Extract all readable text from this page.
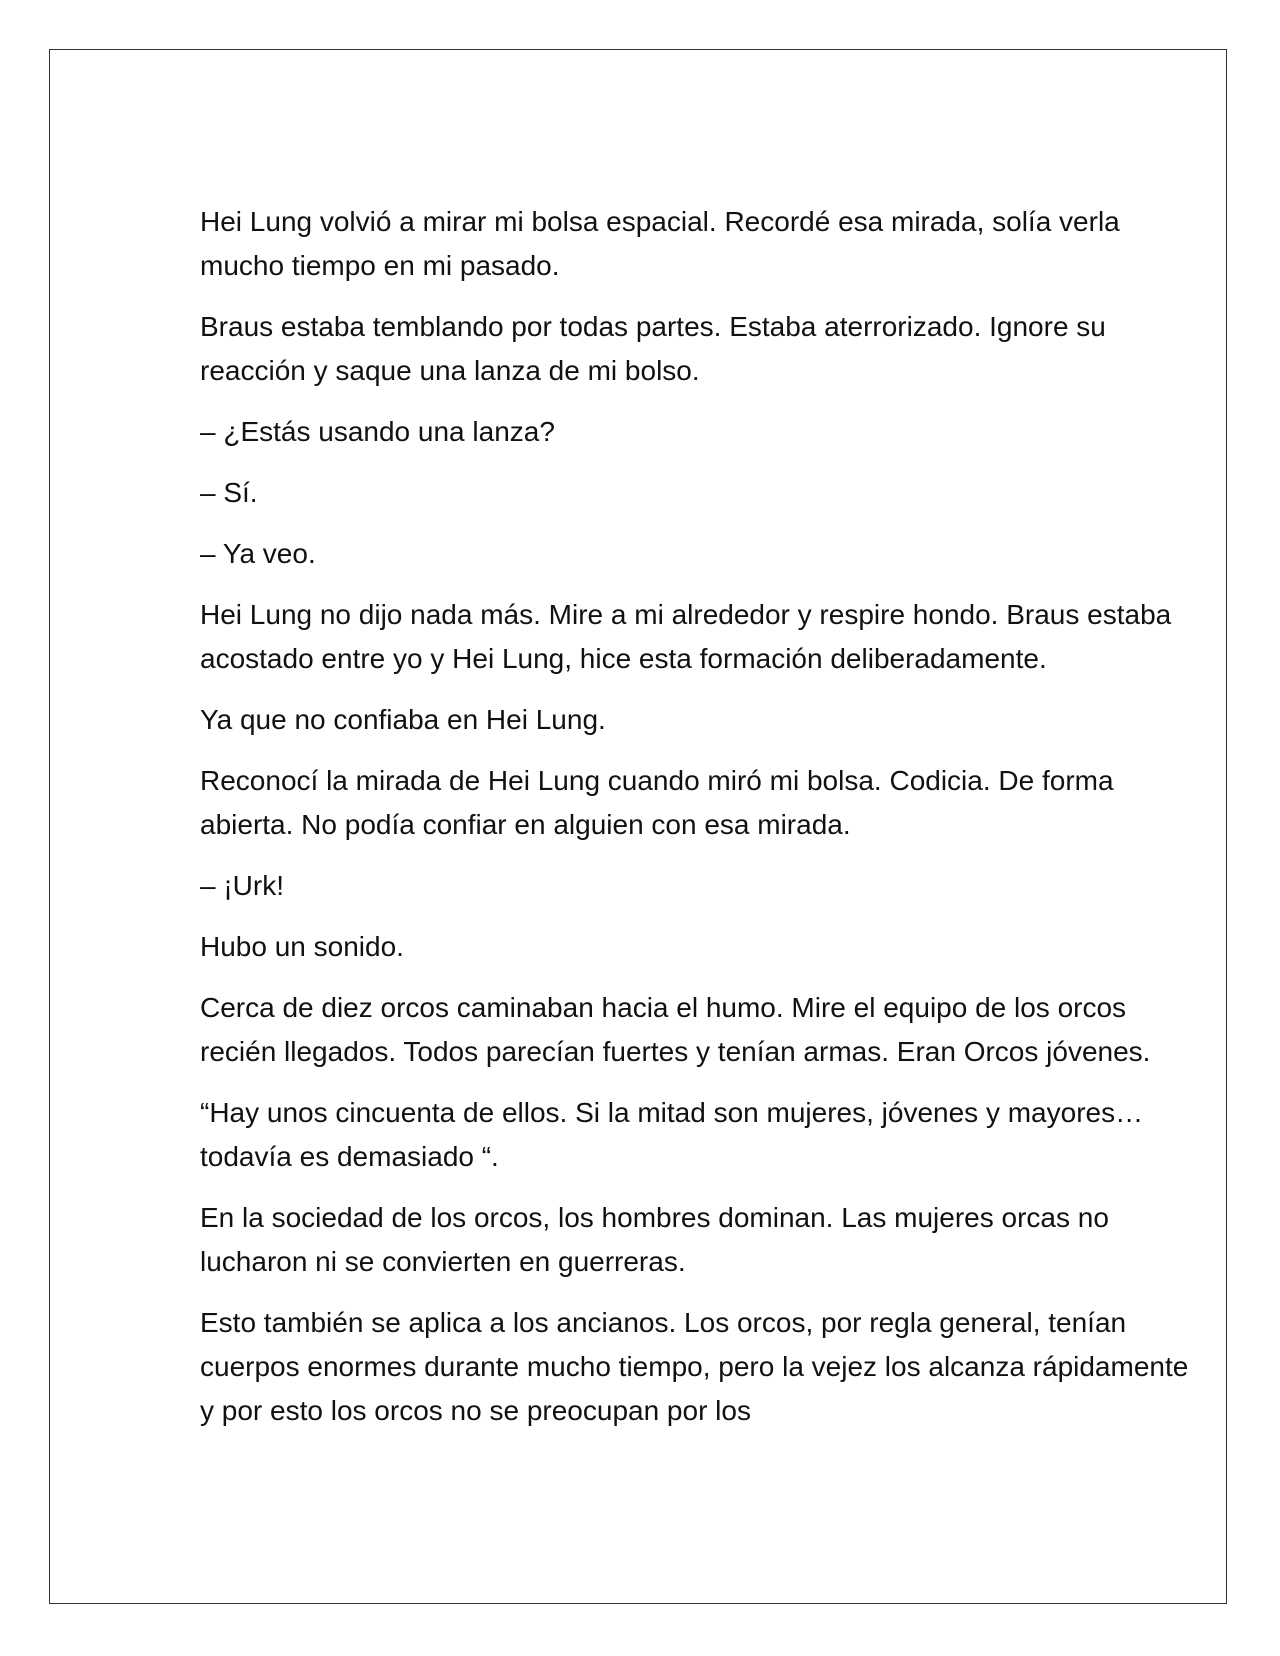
Hei Lung volvió a mirar mi bolsa espacial. Recordé esa mirada, solía verla mucho tiempo en mi pasado.

Braus estaba temblando por todas partes. Estaba aterrorizado. Ignore su reacción y saque una lanza de mi bolso.

– ¿Estás usando una lanza?

– Sí.

– Ya veo.

Hei Lung no dijo nada más. Mire a mi alrededor y respire hondo. Braus estaba acostado entre yo y Hei Lung, hice esta formación deliberadamente.

Ya que no confiaba en Hei Lung.

Reconocí la mirada de Hei Lung cuando miró mi bolsa. Codicia. De forma abierta. No podía confiar en alguien con esa mirada.

– ¡Urk!

Hubo un sonido.

Cerca de diez orcos caminaban hacia el humo. Mire el equipo de los orcos recién llegados. Todos parecían fuertes y tenían armas. Eran Orcos jóvenes.

“Hay unos cincuenta de ellos. Si la mitad son mujeres, jóvenes y mayores… todavía es demasiado “.

En la sociedad de los orcos, los hombres dominan. Las mujeres orcas no lucharon ni se convierten en guerreras.

Esto también se aplica a los ancianos. Los orcos, por regla general, tenían cuerpos enormes durante mucho tiempo, pero la vejez los alcanza rápidamente y por esto los orcos no se preocupan por los
